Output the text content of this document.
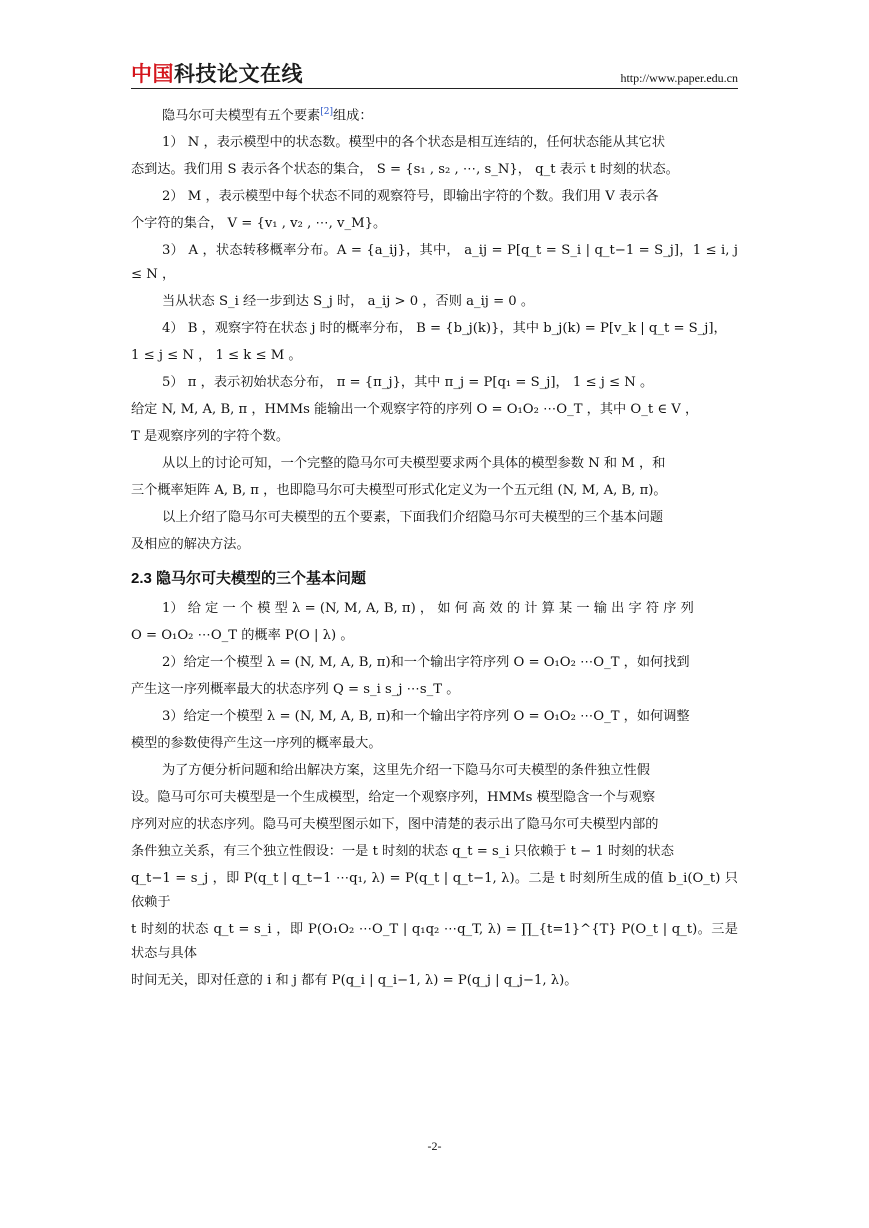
中国科技论文在线	http://www.paper.edu.cn

隐马尔可夫模型有五个要素[2]组成：

1） N ，表示模型中的状态数。模型中的各个状态是相互连结的，任何状态能从其它状

态到达。我们用 S 表示各个状态的集合， S = {s₁ , s₂ , ⋯, s_N}， q_t 表示 t 时刻的状态。

2） M ，表示模型中每个状态不同的观察符号，即输出字符的个数。我们用 V 表示各

个字符的集合， V = {v₁ , v₂ , ⋯, v_M}。

3） A ，状态转移概率分布。A = {a_ij}，其中， a_ij = P[q_t = S_i | q_t−1 = S_j]，1 ≤ i, j ≤ N ，

当从状态 S_i 经一步到达 S_j 时， a_ij > 0 ，否则 a_ij = 0 。

4） B ，观察字符在状态 j 时的概率分布， B = {b_j(k)}，其中 b_j(k) = P[v_k | q_t = S_j]，

1 ≤ j ≤ N ， 1 ≤ k ≤ M 。

5） π ，表示初始状态分布， π = {π_j}，其中 π_j = P[q₁ = S_j]， 1 ≤ j ≤ N 。

给定 N, M, A, B, π ，HMMs 能输出一个观察字符的序列 O = O₁O₂ ⋯O_T ，其中 O_t ∈ V ，

T 是观察序列的字符个数。

从以上的讨论可知，一个完整的隐马尔可夫模型要求两个具体的模型参数 N 和 M ，和

三个概率矩阵 A, B, π ，也即隐马尔可夫模型可形式化定义为一个五元组 (N, M, A, B, π)。

以上介绍了隐马尔可夫模型的五个要素，下面我们介绍隐马尔可夫模型的三个基本问题

及相应的解决方法。

2.3 隐马尔可夫模型的三个基本问题

1） 给 定 一 个 模 型 λ = (N, M, A, B, π) ， 如 何 高 效 的 计 算 某 一 输 出 字 符 序 列

O = O₁O₂ ⋯O_T 的概率 P(O | λ) 。

2）给定一个模型 λ = (N, M, A, B, π)和一个输出字符序列 O = O₁O₂ ⋯O_T ，如何找到

产生这一序列概率最大的状态序列 Q = s_i s_j ⋯s_T 。

3）给定一个模型 λ = (N, M, A, B, π)和一个输出字符序列 O = O₁O₂ ⋯O_T ，如何调整

模型的参数使得产生这一序列的概率最大。

为了方便分析问题和给出解决方案，这里先介绍一下隐马尔可夫模型的条件独立性假

设。隐马可尔可夫模型是一个生成模型，给定一个观察序列，HMMs 模型隐含一个与观察

序列对应的状态序列。隐马可夫模型图示如下，图中清楚的表示出了隐马尔可夫模型内部的

条件独立关系，有三个独立性假设：一是 t 时刻的状态 q_t = s_i 只依赖于 t − 1 时刻的状态

q_t−1 = s_j ，即 P(q_t | q_t−1 ⋯q₁, λ) = P(q_t | q_t−1, λ)。二是 t 时刻所生成的值 b_i(O_t) 只依赖于

t 时刻的状态 q_t = s_i ，即 P(O₁O₂ ⋯O_T | q₁q₂ ⋯q_T, λ) = ∏_{t=1}^{T} P(O_t | q_t)。三是状态与具体

时间无关，即对任意的 i 和 j 都有 P(q_i | q_i−1, λ) = P(q_j | q_j−1, λ)。

-2-
